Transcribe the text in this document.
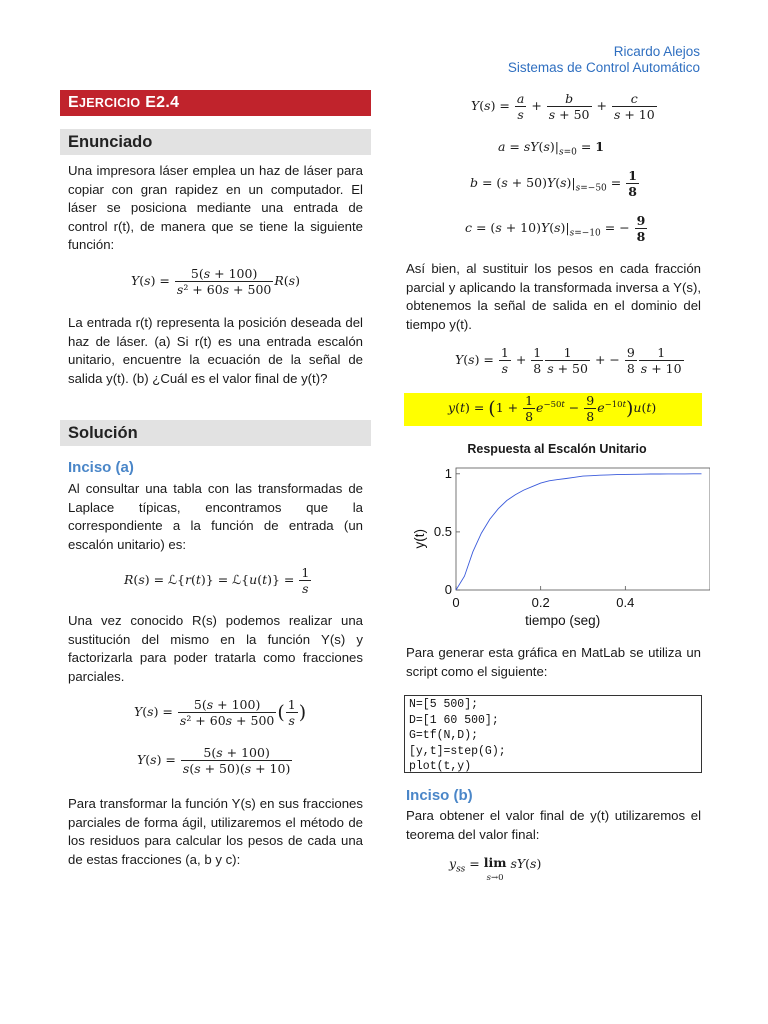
Ricardo Alejos
Sistemas de Control Automático
EJERCICIO E2.4
Enunciado
Una impresora láser emplea un haz de láser para copiar con gran rapidez en un computador. El láser se posiciona mediante una entrada de control r(t), de manera que se tiene la siguiente función:
$Y(s) = \frac{5(s + 100)}{\text{s² + 60s + 500}} R(s)$
La entrada r(t) representa la posición deseada del haz de láser. (a) Si r(t) es una entrada escalón unitario, encuentre la ecuación de la señal de salida y(t). (b) ¿Cuál es el valor final de y(t)?
Solución
Inciso (a)
Al consultar una tabla con las transformadas de Laplace típicas, encontramos que la correspondiente a la función de entrada (un escalón unitario) es:
R(s) = ℒ{r(t)} = ℒ{u(t)} = $\frac{1}{s}$
Una vez conocido R(s) podemos realizar una sustitución del mismo en la función Y(s) y factorizarla para poder tratarla como fracciones parciales.
$Y(s) = \frac{5(s + 100)}{\text{s² + 60s + 500}}$ ( $\frac{1}{s}$ )
$Y(s) = \frac{5(s + 100)}{s(s + 50)(s + 10)}$
Para transformar la función Y(s) en sus fracciones parciales de forma ágil, utilizaremos el método de los residuos para calcular los pesos de cada una de estas fracciones (a, b y c):
$Y(s) = \frac{a}{s} + \frac{b}{s + 50} + \frac{c}{s + 10}$
$a = sY(s)|_{s=0} = 1$
$b = (s + 50)Y(s)|_{s=-50} = \frac{1}{8}$
$c = (s + 10)Y(s)|_{s=-10}$ = − $\frac{9}{8}$
Así bien, al sustituir los pesos en cada fracción parcial y aplicando la transformada inversa a Y(s), obtenemos la señal de salida en el dominio del tiempo y(t).
$Y(s) = \frac{1}{s} + \frac{1}{8} \frac{1}{s + 50}$ + − $\frac{9}{8} \frac{1}{s + 10}$
$y(t) = (1 + \frac{1}{8} e^{-50t} - \frac{9}{8} e^{-10t})u(t)$
Respuesta al Escalón Unitario
0
0.5
1
0	0.2	0.4
tiempo (seg)
y(t)
Para generar esta gráfica en MatLab se utiliza un script como el siguiente:
N=[5 500];
D=[1 60 500];
G=tf(N,D);
[y,t]=step(G);
plot(t,y)
Inciso (b)
Para obtener el valor final de y(t) utilizaremos el teorema del valor final:
$y_{ss} = \lim$
s→0 sY(s)
